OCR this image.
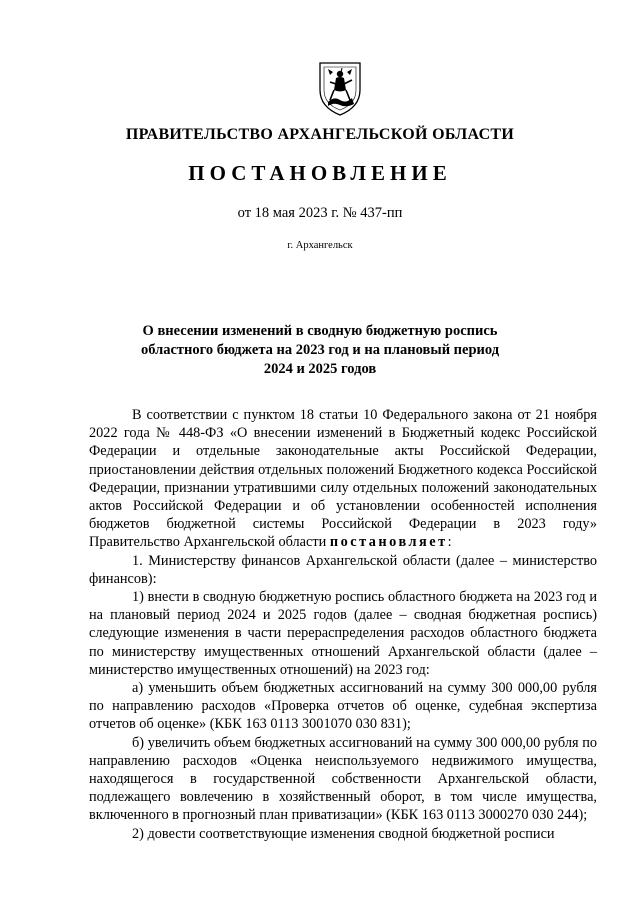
ПРАВИТЕЛЬСТВО АРХАНГЕЛЬСКОЙ ОБЛАСТИ
ПОСТАНОВЛЕНИЕ
от 18 мая 2023 г. № 437-пп
г. Архангельск
О внесении изменений в сводную бюджетную роспись
областного бюджета на 2023 год и на плановый период
2024 и 2025 годов

В соответствии с пунктом 18 статьи 10 Федерального закона от 21 ноября 2022 года № 448-ФЗ «О внесении изменений в Бюджетный кодекс Российской Федерации и отдельные законодательные акты Российской Федерации, приостановлении действия отдельных положений Бюджетного кодекса Российской Федерации, признании утратившими силу отдельных положений законодательных актов Российской Федерации и об установлении особенностей исполнения бюджетов бюджетной системы Российской Федерации в 2023 году» Правительство Архангельской области постановляет:

1. Министерству финансов Архангельской области (далее – министерство финансов):

1) внести в сводную бюджетную роспись областного бюджета на 2023 год и на плановый период 2024 и 2025 годов (далее – сводная бюджетная роспись) следующие изменения в части перераспределения расходов областного бюджета по министерству имущественных отношений Архангельской области (далее – министерство имущественных отношений) на 2023 год:

а) уменьшить объем бюджетных ассигнований на сумму 300 000,00 рубля по направлению расходов «Проверка отчетов об оценке, судебная экспертиза отчетов об оценке» (КБК 163 0113 3001070 030 831);

б) увеличить объем бюджетных ассигнований на сумму 300 000,00 рубля по направлению расходов «Оценка неиспользуемого недвижимого имущества, находящегося в государственной собственности Архангельской области, подлежащего вовлечению в хозяйственный оборот, в том числе имущества, включенного в прогнозный план приватизации» (КБК 163 0113 3000270 030 244);

2) довести соответствующие изменения сводной бюджетной росписи
